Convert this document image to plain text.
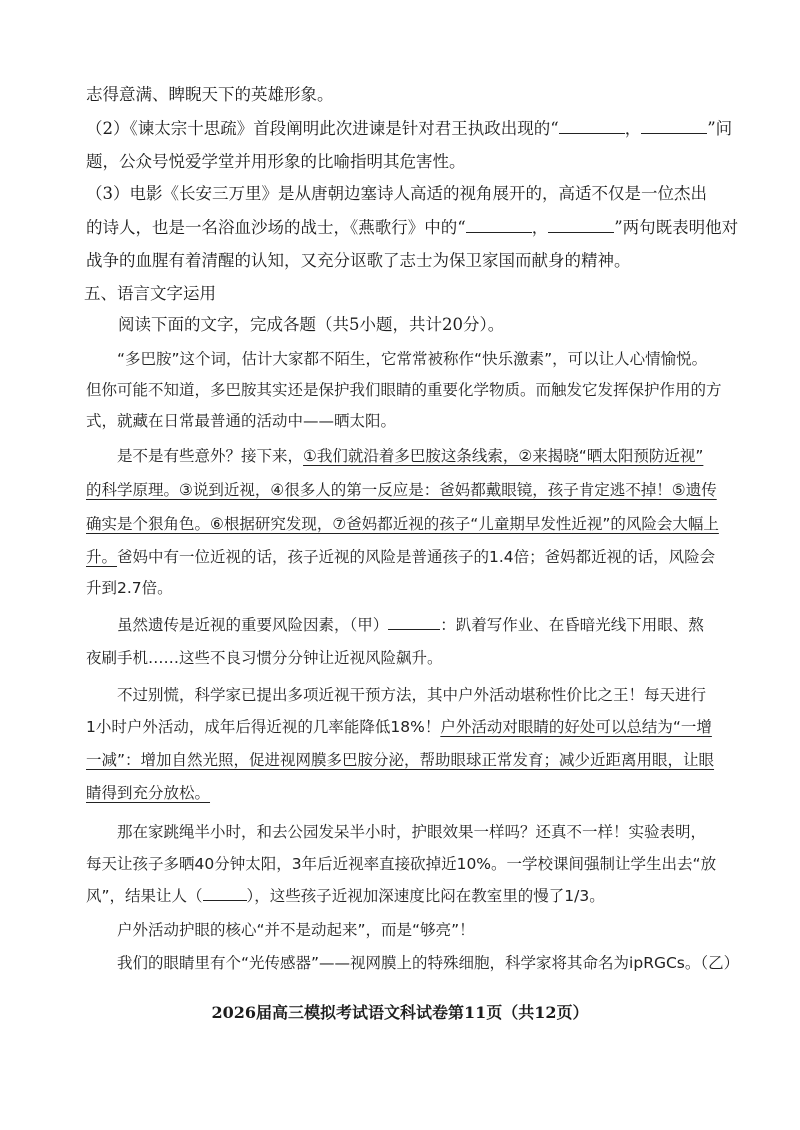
志得意满、睥睨天下的英雄形象。
（2）《谏太宗十思疏》首段阐明此次进谏是针对君王执政出现的“	，	”问
题，公众号悦爱学堂并用形象的比喻指明其危害性。
（3）电影《长安三万里》是从唐朝边塞诗人高适的视角展开的，高适不仅是一位杰出
的诗人，也是一名浴血沙场的战士，《燕歌行》中的“	，	”两句既表明他对
战争的血腥有着清醒的认知，又充分讴歌了志士为保卫家国而献身的精神。
五、语言文字运用
阅读下面的文字，完成各题（共5小题，共计20分）。
“多巴胺”这个词，估计大家都不陌生，它常常被称作“快乐激素”，可以让人心情愉悦。
但你可能不知道，多巴胺其实还是保护我们眼睛的重要化学物质。而触发它发挥保护作用的方
式，就藏在日常最普通的活动中——晒太阳。
是不是有些意外？接下来，①我们就沿着多巴胺这条线索，②来揭晓“晒太阳预防近视”
的科学原理。③说到近视，④很多人的第一反应是：爸妈都戴眼镜，孩子肯定逃不掉！⑤遗传
确实是个狠角色。⑥根据研究发现，⑦爸妈都近视的孩子“儿童期早发性近视”的风险会大幅上
升。爸妈中有一位近视的话，孩子近视的风险是普通孩子的1.4倍；爸妈都近视的话，风险会
升到2.7倍。
虽然遗传是近视的重要风险因素，（甲）	：趴着写作业、在昏暗光线下用眼、熬
夜刷手机……这些不良习惯分分钟让近视风险飙升。
不过别慌，科学家已提出多项近视干预方法，其中户外活动堪称性价比之王！每天进行
1小时户外活动，成年后得近视的几率能降低18%！户外活动对眼睛的好处可以总结为“一增
一减”：增加自然光照，促进视网膜多巴胺分泌，帮助眼球正常发育；减少近距离用眼，让眼
睛得到充分放松。
那在家跳绳半小时，和去公园发呆半小时，护眼效果一样吗？还真不一样！实验表明，
每天让孩子多晒40分钟太阳，3年后近视率直接砍掉近10%。一学校课间强制让学生出去“放
风”，结果让人（	），这些孩子近视加深速度比闷在教室里的慢了1/3。
户外活动护眼的核心“并不是动起来”，而是“够亮”！
我们的眼睛里有个“光传感器”——视网膜上的特殊细胞，科学家将其命名为ipRGCs。（乙）
2026届高三模拟考试语文科试卷第11页（共12页）
